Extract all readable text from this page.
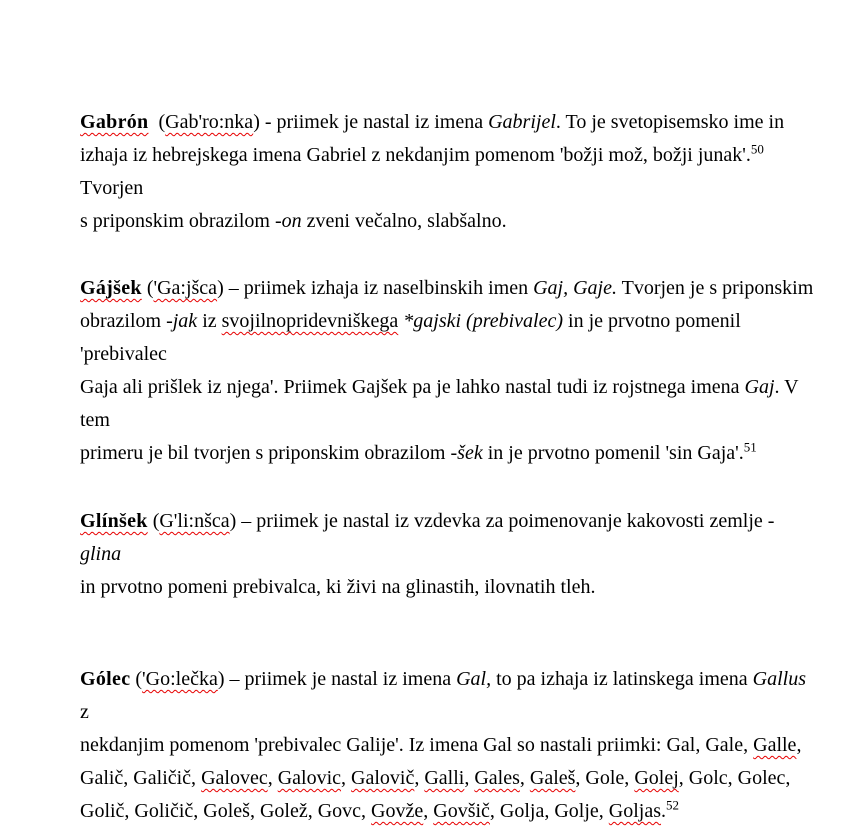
Gabrón  (Gab'ro:nka) - priimek je nastal iz imena Gabrijel. To je svetopisemsko ime in
izhaja iz hebrejskega imena Gabriel z nekdanjim pomenom 'božji mož, božji junak'.$^{50}$ Tvorjen
s priponskim obrazilom -on zveni večalno, slabšalno.
Gájšek ('Ga:jšca) – priimek izhaja iz naselbinskih imen Gaj, Gaje. Tvorjen je s priponskim
obrazilom -jak iz svojilnopridevniškega *gajski (prebivalec) in je prvotno pomenil 'prebivalec
Gaja ali prišlek iz njega'. Priimek Gajšek pa je lahko nastal tudi iz rojstnega imena Gaj. V tem
primeru je bil tvorjen s priponskim obrazilom -šek in je prvotno pomenil 'sin Gaja'.$^{51}$
Glínšek (G'li:nšca) – priimek je nastal iz vzdevka za poimenovanje kakovosti zemlje - glina
in prvotno pomeni prebivalca, ki živi na glinastih, ilovnatih tleh.
Gólec ('Go:lečka) – priimek je nastal iz imena Gal, to pa izhaja iz latinskega imena Gallus z
nekdanjim pomenom 'prebivalec Galije'. Iz imena Gal so nastali priimki: Gal, Gale, Galle,
Galič, Galičič, Galovec, Galovic, Galovič, Galli, Gales, Galeš, Gole, Golej, Golc, Golec,
Golič, Goličič, Goleš, Golež, Govc, Govže, Govšič, Golja, Golje, Goljas.$^{52}$
